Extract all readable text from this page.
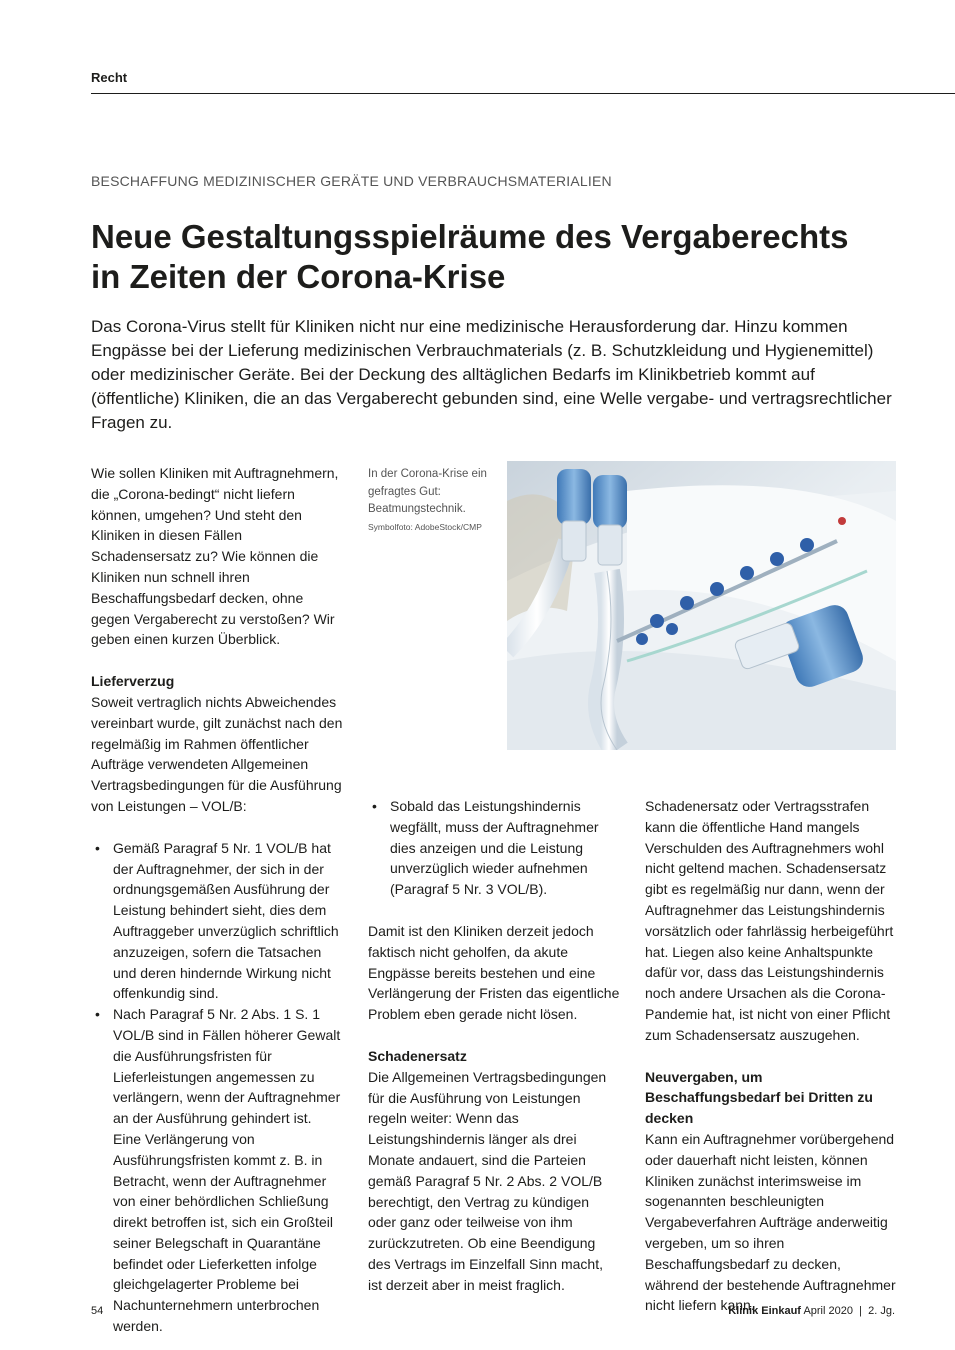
Recht
BESCHAFFUNG MEDIZINISCHER GERÄTE UND VERBRAUCHSMATERIALIEN
Neue Gestaltungsspielräume des Vergaberechts
in Zeiten der Corona-Krise

Das Corona-Virus stellt für Kliniken nicht nur eine medizinische Herausforderung dar. Hinzu kommen Engpässe bei der Lieferung medizinischen Verbrauchmaterials (z. B. Schutzkleidung und Hygienemittel) oder medizinischer Geräte. Bei der Deckung des alltäglichen Bedarfs im Klinikbetrieb kommt auf (öffentliche) Kliniken, die an das Vergaberecht gebunden sind, eine Welle vergabe- und vertragsrechtlicher Fragen zu.

Wie sollen Kliniken mit Auftragnehmern, die „Corona-bedingt“ nicht liefern können, umgehen? Und steht den Kliniken in diesen Fällen Schadensersatz zu? Wie können die Kliniken nun schnell ihren Beschaffungsbedarf decken, ohne gegen Vergaberecht zu verstoßen? Wir geben einen kurzen Überblick.

Lieferverzug

Soweit vertraglich nichts Abweichendes vereinbart wurde, gilt zunächst nach den regelmäßig im Rahmen öffentlicher Aufträge verwendeten Allgemeinen Vertragsbedingungen für die Ausführung von Leistungen – VOL/B:

• Gemäß Paragraf 5 Nr. 1 VOL/B hat der Auftragnehmer, der sich in der ordnungsgemäßen Ausführung der Leistung behindert sieht, dies dem Auftraggeber unverzüglich schriftlich anzuzeigen, sofern die Tatsachen und deren hindernde Wirkung nicht offenkundig sind.
• Nach Paragraf 5 Nr. 2 Abs. 1 S. 1 VOL/B sind in Fällen höherer Gewalt die Ausführungsfristen für Lieferleistungen angemessen zu verlängern, wenn der Auftragnehmer an der Ausführung gehindert ist. Eine Verlängerung von Ausführungsfristen kommt z. B. in Betracht, wenn der Auftragnehmer von einer behördlichen Schließung direkt betroffen ist, sich ein Großteil seiner Belegschaft in Quarantäne befindet oder Lieferketten infolge gleichgelagerter Probleme bei Nachunternehmern unterbrochen werden.
In der Corona-Krise ein gefragtes Gut: Beatmungstechnik.
Symbolfoto: AdobeStock/CMP
• Sobald das Leistungshindernis wegfällt, muss der Auftragnehmer dies anzeigen und die Leistung unverzüglich wieder aufnehmen (Paragraf 5 Nr. 3 VOL/B).

Damit ist den Kliniken derzeit jedoch faktisch nicht geholfen, da akute Engpässe bereits bestehen und eine Verlängerung der Fristen das eigentliche Problem eben gerade nicht lösen.

Schadenersatz

Die Allgemeinen Vertragsbedingungen für die Ausführung von Leistungen regeln weiter: Wenn das Leistungshindernis länger als drei Monate andauert, sind die Parteien gemäß Paragraf 5 Nr. 2 Abs. 2 VOL/B berechtigt, den Vertrag zu kündigen oder ganz oder teilweise von ihm zurückzutreten. Ob eine Beendigung des Vertrags im Einzelfall Sinn macht, ist derzeit aber in meist fraglich.

Schadenersatz oder Vertragsstrafen kann die öffentliche Hand mangels Verschulden des Auftragnehmers wohl nicht geltend machen. Schadensersatz gibt es regelmäßig nur dann, wenn der Auftragnehmer das Leistungshindernis vorsätzlich oder fahrlässig herbeigeführt hat. Liegen also keine Anhaltspunkte dafür vor, dass das Leistungshindernis noch andere Ursachen als die Corona-Pandemie hat, ist nicht von einer Pflicht zum Schadensersatz auszugehen.

Neuvergaben, um Beschaffungsbedarf bei Dritten zu decken

Kann ein Auftragnehmer vorübergehend oder dauerhaft nicht leisten, können Kliniken zunächst interimsweise im sogenannten beschleunigten Vergabeverfahren Aufträge anderweitig vergeben, um so ihren Beschaffungsbedarf zu decken, während der bestehende Auftragnehmer nicht liefern kann.

54	Klinik Einkauf April 2020 | 2. Jg.
